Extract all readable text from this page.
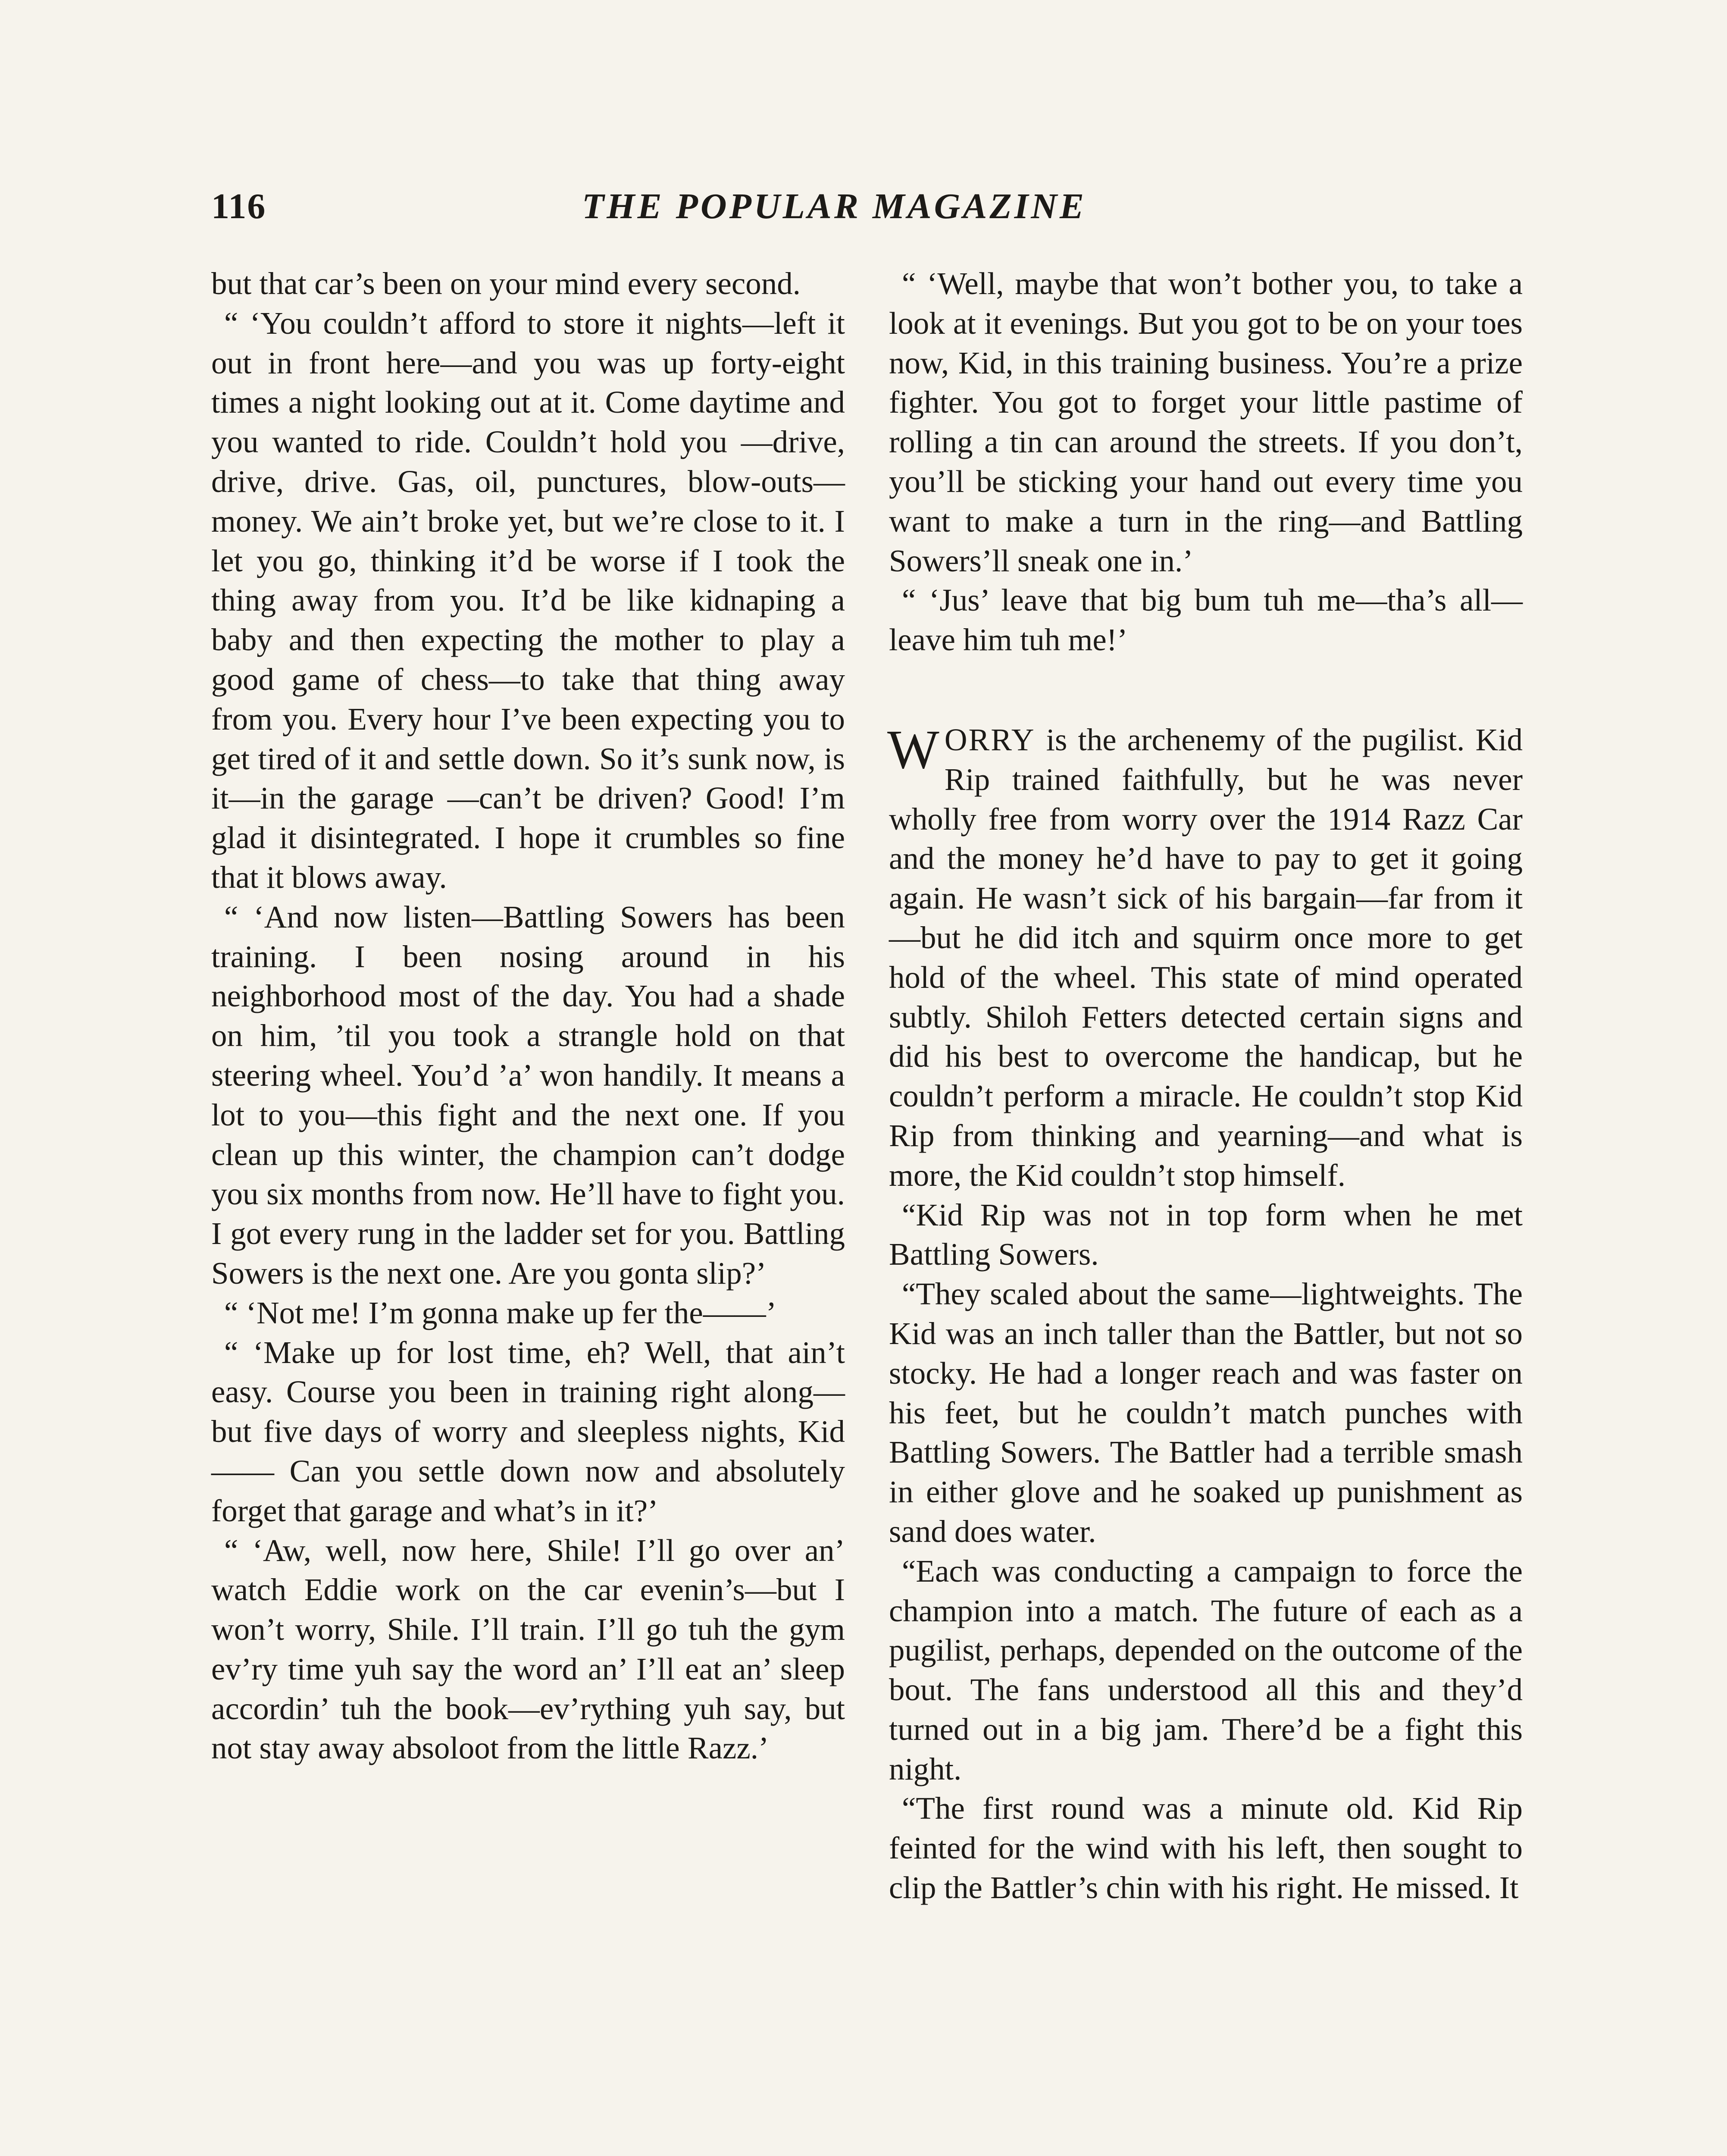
116	THE POPULAR MAGAZINE

but that car’s been on your mind every second.

“ ‘You couldn’t afford to store it nights—left it out in front here—and you was up forty-eight times a night looking out at it. Come daytime and you wanted to ride. Couldn’t hold you —drive, drive, drive. Gas, oil, punctures, blow-outs—money. We ain’t broke yet, but we’re close to it. I let you go, thinking it’d be worse if I took the thing away from you. It’d be like kidnaping a baby and then expecting the mother to play a good game of chess—to take that thing away from you. Every hour I’ve been expecting you to get tired of it and settle down. So it’s sunk now, is it—in the garage —can’t be driven? Good! I’m glad it disintegrated. I hope it crumbles so fine that it blows away.

“ ‘And now listen—Battling Sowers has been training. I been nosing around in his neighborhood most of the day. You had a shade on him, ’til you took a strangle hold on that steering wheel. You’d ’a’ won handily. It means a lot to you—this fight and the next one. If you clean up this winter, the champion can’t dodge you six months from now. He’ll have to fight you. I got every rung in the ladder set for you. Battling Sowers is the next one. Are you gonta slip?’

“ ‘Not me! I’m gonna make up fer the——’

“ ‘Make up for lost time, eh? Well, that ain’t easy. Course you been in training right along—but five days of worry and sleepless nights, Kid—— Can you settle down now and absolutely forget that garage and what’s in it?’

“ ‘Aw, well, now here, Shile! I’ll go over an’ watch Eddie work on the car evenin’s—but I won’t worry, Shile. I’ll train. I’ll go tuh the gym ev’ry time yuh say the word an’ I’ll eat an’ sleep accordin’ tuh the book—ev’rything yuh say, but not stay away absoloot from the little Razz.’

“ ‘Well, maybe that won’t bother you, to take a look at it evenings. But you got to be on your toes now, Kid, in this training business. You’re a prize fighter. You got to forget your little pastime of rolling a tin can around the streets. If you don’t, you’ll be sticking your hand out every time you want to make a turn in the ring—and Battling Sowers’ll sneak one in.’

“ ‘Jus’ leave that big bum tuh me—tha’s all—leave him tuh me!’

WORRY is the archenemy of the pugilist. Kid Rip trained faithfully, but he was never wholly free from worry over the 1914 Razz Car and the money he’d have to pay to get it going again. He wasn’t sick of his bargain—far from it—but he did itch and squirm once more to get hold of the wheel. This state of mind operated subtly. Shiloh Fetters detected certain signs and did his best to overcome the handicap, but he couldn’t perform a miracle. He couldn’t stop Kid Rip from thinking and yearning—and what is more, the Kid couldn’t stop himself.

“Kid Rip was not in top form when he met Battling Sowers.

“They scaled about the same—lightweights. The Kid was an inch taller than the Battler, but not so stocky. He had a longer reach and was faster on his feet, but he couldn’t match punches with Battling Sowers. The Battler had a terrible smash in either glove and he soaked up punishment as sand does water.

“Each was conducting a campaign to force the champion into a match. The future of each as a pugilist, perhaps, depended on the outcome of the bout. The fans understood all this and they’d turned out in a big jam. There’d be a fight this night.

“The first round was a minute old. Kid Rip feinted for the wind with his left, then sought to clip the Battler’s chin with his right. He missed. It
